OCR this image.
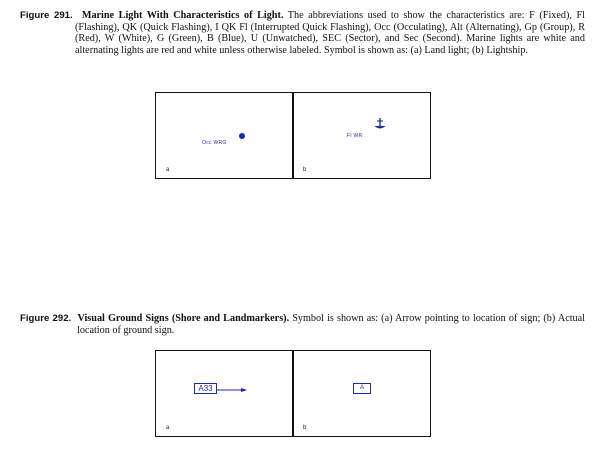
Figure 291. Marine Light With Characteristics of Light. The abbreviations used to show the characteristics are: F (Fixed), Fl (Flashing), QK (Quick Flashing), I QK Fl (Interrupted Quick Flashing), Occ (Occulating), Alt (Alternating), Gp (Group), R (Red), W (White), G (Green), B (Blue), U (Unwatched), SEC (Sector), and Sec (Second). Marine lights are white and alternating lights are red and white unless otherwise labeled. Symbol is shown as: (a) Land light; (b) Lightship.
Occ WRG
a
Fl WR
b
Figure 292. Visual Ground Signs (Shore and Landmarkers). Symbol is shown as: (a) Arrow pointing to location of sign; (b) Actual location of ground sign.
A33
a
A
b
